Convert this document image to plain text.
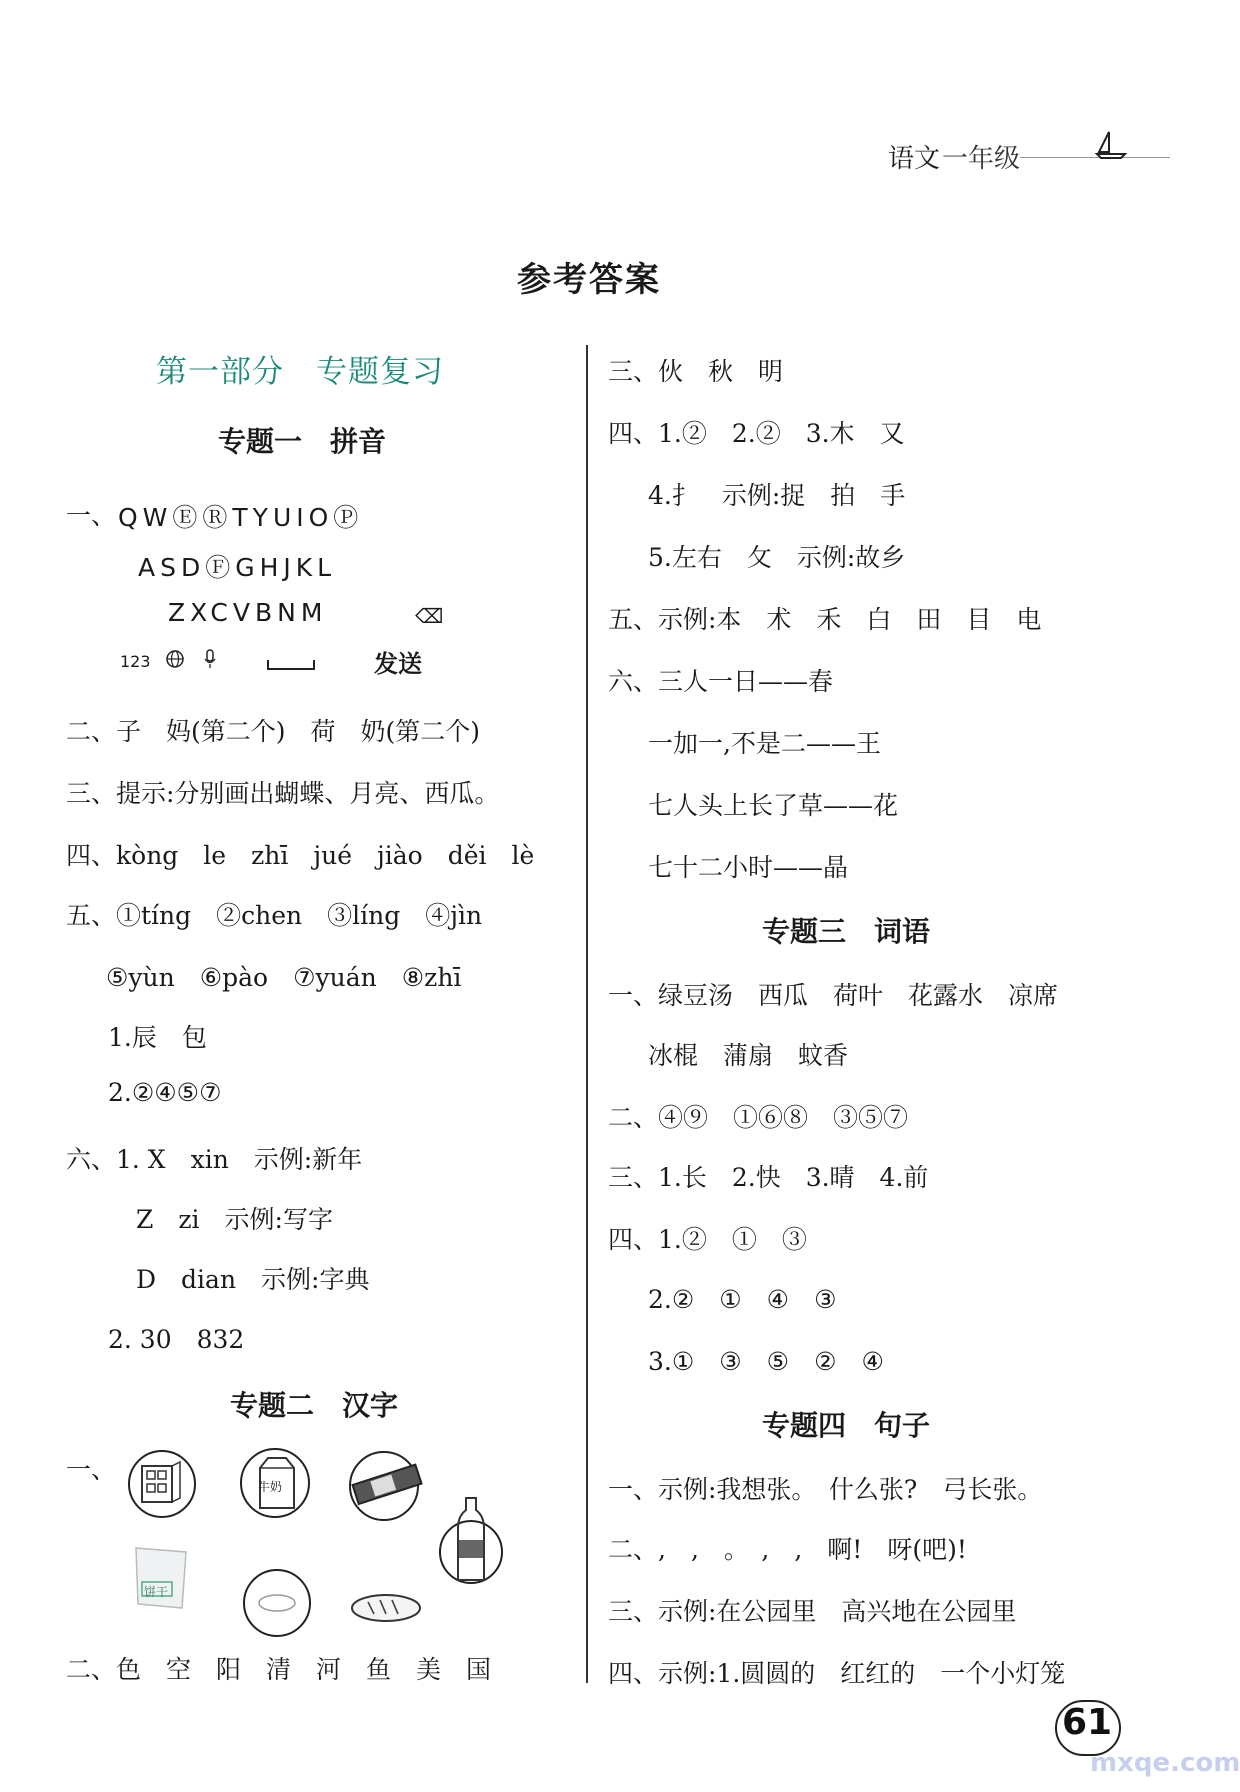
语文 一年级
参考答案
第一部分　专题复习
专题一　拼音
一、 QWⒺⓇTYUIOⓅ
ASDⒻGHJKL
ZXCVBNM	⌫
123	发送
二、子　妈(第二个)　荷　奶(第二个)
三、提示:分别画出蝴蝶、月亮、西瓜。
四、kòng　le　zhī　jué　jiào　děi　lè
五、①tíng　②chen　③líng　④jìn
⑤yùn　⑥pào　⑦yuán　⑧zhī
1.辰　包
2.②④⑤⑦
六、1. X　xin　示例:新年
Z　zi　示例:写字
D　dian　示例:字典
2. 30　832
专题二　汉字
一、
牛奶
饼干
二、色　空　阳　清　河　鱼　美　国
三、伙　秋　明
四、1.②　2.②　3.木　又
4.扌　示例:捉　拍　手
5.左右　攵　示例:故乡
五、示例:本　术　禾　白　田　目　电
六、三人一日——春
一加一,不是二——王
七人头上长了草——花
七十二小时——晶
专题三　词语
一、绿豆汤　西瓜　荷叶　花露水　凉席
冰棍　蒲扇　蚊香
二、④⑨　①⑥⑧　③⑤⑦
三、1.长　2.快　3.晴　4.前
四、1.②　①　③
2.②　①　④　③
3.①　③　⑤　②　④
专题四　句子
一、示例:我想张。　什么张?　弓长张。
二、,　,　。　,　,　啊!　呀(吧)!
三、示例:在公园里　高兴地在公园里
四、示例:1.圆圆的　红红的　一个小灯笼
61
mxqe.com
